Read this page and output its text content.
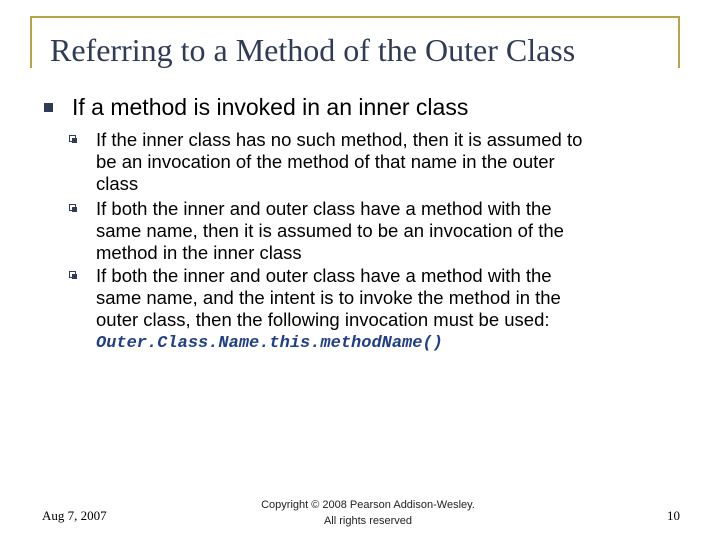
Referring to a Method of the Outer Class
If a method is invoked in an inner class
If the inner class has no such method, then it is assumed to
be an invocation of the method of that name in the outer
class
If both the inner and outer class have a method with the
same name, then it is assumed to be an invocation of the
method in the inner class
If both the inner and outer class have a method with the
same name, and the intent is to invoke the method in the
outer class, then the following invocation must be used:
Outer.Class.Name.this.methodName()
Aug 7, 2007
Copyright © 2008 Pearson Addison-Wesley.
All rights reserved	10
